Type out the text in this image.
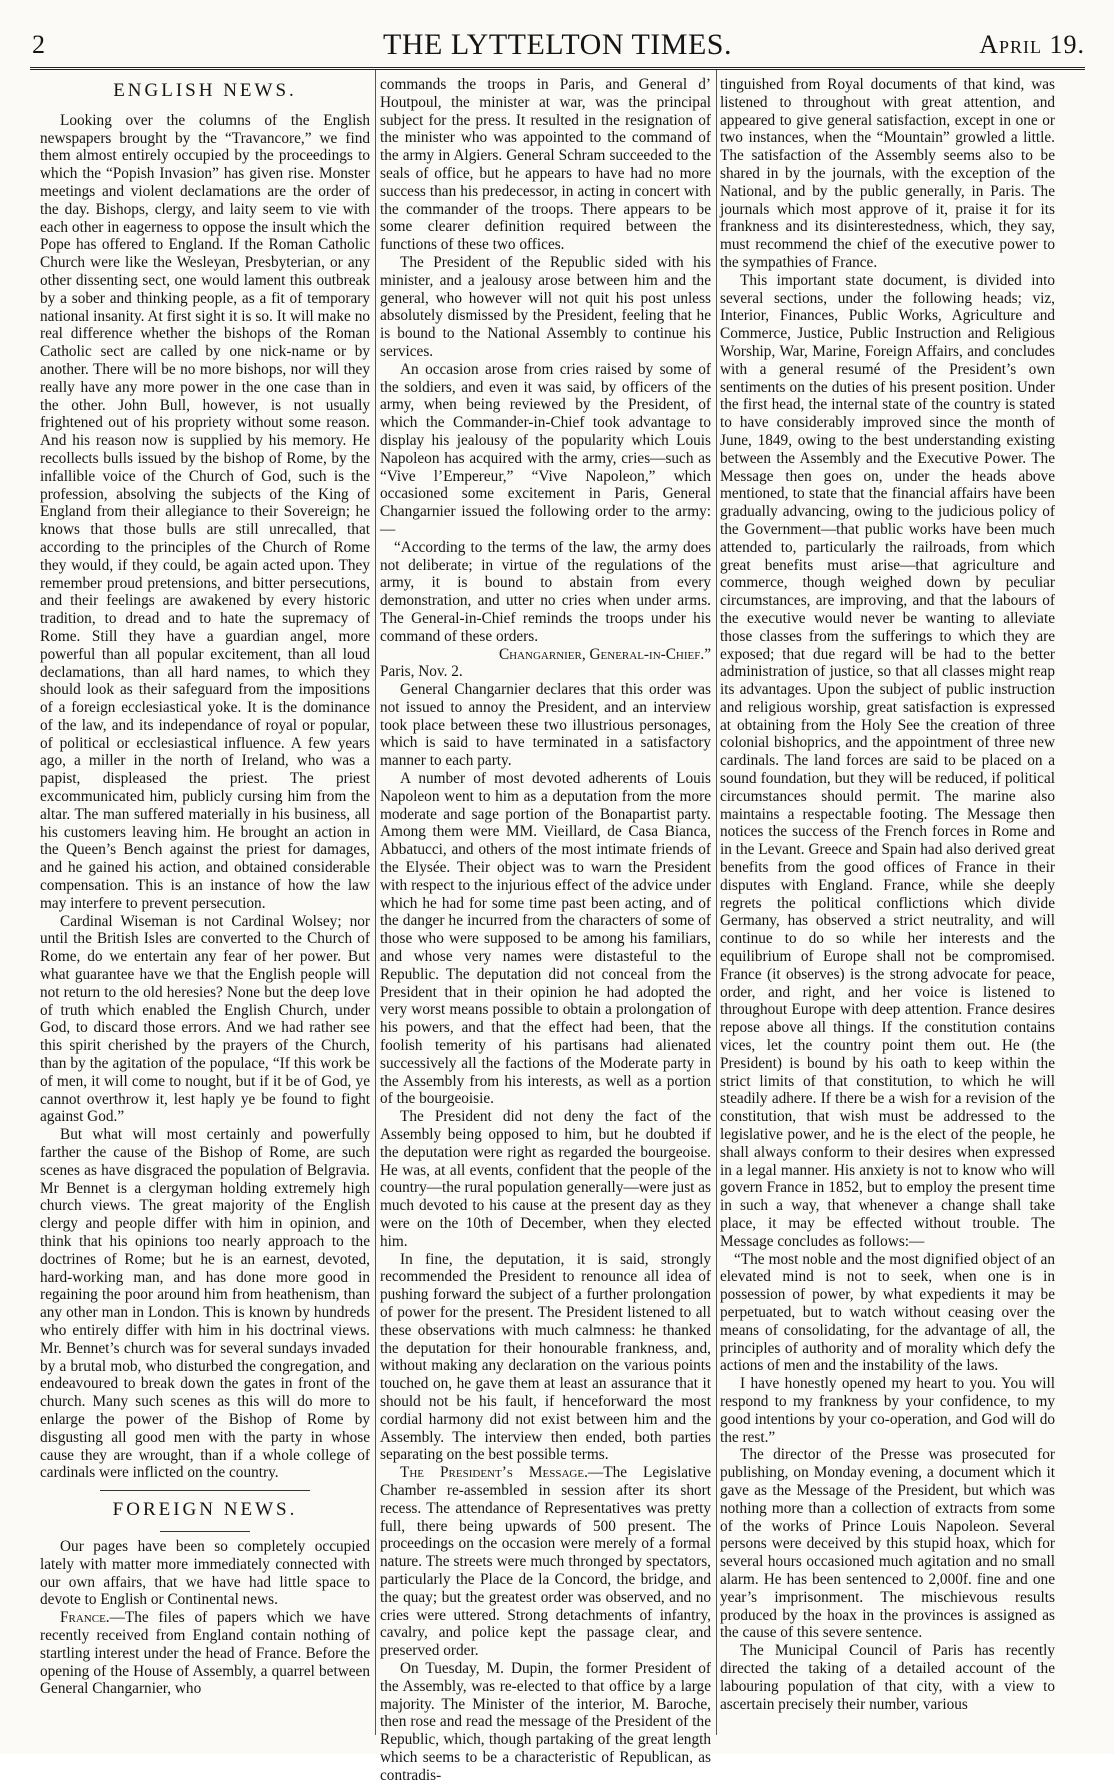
2	THE LYTTELTON TIMES.	April 19.
ENGLISH NEWS.

Looking over the columns of the English newspapers brought by the “Travancore,” we find them almost entirely occupied by the proceedings to which the “Popish Invasion” has given rise. Monster meetings and violent declamations are the order of the day. Bishops, clergy, and laity seem to vie with each other in eagerness to oppose the insult which the Pope has offered to England. If the Roman Catholic Church were like the Wesleyan, Presbyterian, or any other dissenting sect, one would lament this outbreak by a sober and thinking people, as a fit of temporary national insanity. At first sight it is so. It will make no real difference whether the bishops of the Roman Catholic sect are called by one nick-name or by another. There will be no more bishops, nor will they really have any more power in the one case than in the other. John Bull, however, is not usually frightened out of his propriety without some reason. And his reason now is supplied by his memory. He recollects bulls issued by the bishop of Rome, by the infallible voice of the Church of God, such is the profession, absolving the subjects of the King of England from their allegiance to their Sovereign; he knows that those bulls are still unrecalled, that according to the principles of the Church of Rome they would, if they could, be again acted upon. They remember proud pretensions, and bitter persecutions, and their feelings are awakened by every historic tradition, to dread and to hate the supremacy of Rome. Still they have a guardian angel, more powerful than all popular excitement, than all loud declamations, than all hard names, to which they should look as their safeguard from the impositions of a foreign ecclesiastical yoke. It is the dominance of the law, and its independance of royal or popular, of political or ecclesiastical influence. A few years ago, a miller in the north of Ireland, who was a papist, displeased the priest. The priest excommunicated him, publicly cursing him from the altar. The man suffered materially in his business, all his customers leaving him. He brought an action in the Queen’s Bench against the priest for damages, and he gained his action, and obtained considerable compensation. This is an instance of how the law may interfere to prevent persecution.

Cardinal Wiseman is not Cardinal Wolsey; nor until the British Isles are converted to the Church of Rome, do we entertain any fear of her power. But what guarantee have we that the English people will not return to the old heresies? None but the deep love of truth which enabled the English Church, under God, to discard those errors. And we had rather see this spirit cherished by the prayers of the Church, than by the agitation of the populace, “If this work be of men, it will come to nought, but if it be of God, ye cannot overthrow it, lest haply ye be found to fight against God.”

But what will most certainly and powerfully farther the cause of the Bishop of Rome, are such scenes as have disgraced the population of Belgravia. Mr Bennet is a clergyman holding extremely high church views. The great majority of the English clergy and people differ with him in opinion, and think that his opinions too nearly approach to the doctrines of Rome; but he is an earnest, devoted, hard-working man, and has done more good in regaining the poor around him from heathenism, than any other man in London. This is known by hundreds who entirely differ with him in his doctrinal views. Mr. Bennet’s church was for several sundays invaded by a brutal mob, who disturbed the congregation, and endeavoured to break down the gates in front of the church. Many such scenes as this will do more to enlarge the power of the Bishop of Rome by disgusting all good men with the party in whose cause they are wrought, than if a whole college of cardinals were inflicted on the country.

FOREIGN NEWS.

Our pages have been so completely occupied lately with matter more immediately connected with our own affairs, that we have had little space to devote to English or Continental news.

France.—The files of papers which we have recently received from England contain nothing of startling interest under the head of France. Before the opening of the House of Assembly, a quarrel between General Changarnier, who

commands the troops in Paris, and General d’ Houtpoul, the minister at war, was the principal subject for the press. It resulted in the resignation of the minister who was appointed to the command of the army in Algiers. General Schram succeeded to the seals of office, but he appears to have had no more success than his predecessor, in acting in concert with the commander of the troops. There appears to be some clearer definition required between the functions of these two offices.

The President of the Republic sided with his minister, and a jealousy arose between him and the general, who however will not quit his post unless absolutely dismissed by the President, feeling that he is bound to the National Assembly to continue his services.

An occasion arose from cries raised by some of the soldiers, and even it was said, by officers of the army, when being reviewed by the President, of which the Commander-in-Chief took advantage to display his jealousy of the popularity which Louis Napoleon has acquired with the army, cries—such as “Vive l’Empereur,” “Vive Napoleon,” which occasioned some excitement in Paris, General Changarnier issued the following order to the army:—

“According to the terms of the law, the army does not deliberate; in virtue of the regulations of the army, it is bound to abstain from every demonstration, and utter no cries when under arms. The General-in-Chief reminds the troops under his command of these orders.

Changarnier, General-in-Chief.”

Paris, Nov. 2.

General Changarnier declares that this order was not issued to annoy the President, and an interview took place between these two illustrious personages, which is said to have terminated in a satisfactory manner to each party.

A number of most devoted adherents of Louis Napoleon went to him as a deputation from the more moderate and sage portion of the Bonapartist party. Among them were MM. Vieillard, de Casa Bianca, Abbatucci, and others of the most intimate friends of the Elysée. Their object was to warn the President with respect to the injurious effect of the advice under which he had for some time past been acting, and of the danger he incurred from the characters of some of those who were supposed to be among his familiars, and whose very names were distasteful to the Republic. The deputation did not conceal from the President that in their opinion he had adopted the very worst means possible to obtain a prolongation of his powers, and that the effect had been, that the foolish temerity of his partisans had alienated successively all the factions of the Moderate party in the Assembly from his interests, as well as a portion of the bourgeoisie.

The President did not deny the fact of the Assembly being opposed to him, but he doubted if the deputation were right as regarded the bourgeoise. He was, at all events, confident that the people of the country—the rural population generally—were just as much devoted to his cause at the present day as they were on the 10th of December, when they elected him.

In fine, the deputation, it is said, strongly recommended the President to renounce all idea of pushing forward the subject of a further prolongation of power for the present. The President listened to all these observations with much calmness: he thanked the deputation for their honourable frankness, and, without making any declaration on the various points touched on, he gave them at least an assurance that it should not be his fault, if henceforward the most cordial harmony did not exist between him and the Assembly. The interview then ended, both parties separating on the best possible terms.

The President’s Message.—The Legislative Chamber re-assembled in session after its short recess. The attendance of Representatives was pretty full, there being upwards of 500 present. The proceedings on the occasion were merely of a formal nature. The streets were much thronged by spectators, particularly the Place de la Concord, the bridge, and the quay; but the greatest order was observed, and no cries were uttered. Strong detachments of infantry, cavalry, and police kept the passage clear, and preserved order.

On Tuesday, M. Dupin, the former President of the Assembly, was re-elected to that office by a large majority. The Minister of the interior, M. Baroche, then rose and read the message of the President of the Republic, which, though partaking of the great length which seems to be a characteristic of Republican, as contradis-

tinguished from Royal documents of that kind, was listened to throughout with great attention, and appeared to give general satisfaction, except in one or two instances, when the “Mountain” growled a little. The satisfaction of the Assembly seems also to be shared in by the journals, with the exception of the National, and by the public generally, in Paris. The journals which most approve of it, praise it for its frankness and its disinterestedness, which, they say, must recommend the chief of the executive power to the sympathies of France.

This important state document, is divided into several sections, under the following heads; viz, Interior, Finances, Public Works, Agriculture and Commerce, Justice, Public Instruction and Religious Worship, War, Marine, Foreign Affairs, and concludes with a general resumé of the President’s own sentiments on the duties of his present position. Under the first head, the internal state of the country is stated to have considerably improved since the month of June, 1849, owing to the best understanding existing between the Assembly and the Executive Power. The Message then goes on, under the heads above mentioned, to state that the financial affairs have been gradually advancing, owing to the judicious policy of the Government—that public works have been much attended to, particularly the railroads, from which great benefits must arise—that agriculture and commerce, though weighed down by peculiar circumstances, are improving, and that the labours of the executive would never be wanting to alleviate those classes from the sufferings to which they are exposed; that due regard will be had to the better administration of justice, so that all classes might reap its advantages. Upon the subject of public instruction and religious worship, great satisfaction is expressed at obtaining from the Holy See the creation of three colonial bishoprics, and the appointment of three new cardinals. The land forces are said to be placed on a sound foundation, but they will be reduced, if political circumstances should permit. The marine also maintains a respectable footing. The Message then notices the success of the French forces in Rome and in the Levant. Greece and Spain had also derived great benefits from the good offices of France in their disputes with England. France, while she deeply regrets the political conflictions which divide Germany, has observed a strict neutrality, and will continue to do so while her interests and the equilibrium of Europe shall not be compromised. France (it observes) is the strong advocate for peace, order, and right, and her voice is listened to throughout Europe with deep attention. France desires repose above all things. If the constitution contains vices, let the country point them out. He (the President) is bound by his oath to keep within the strict limits of that constitution, to which he will steadily adhere. If there be a wish for a revision of the constitution, that wish must be addressed to the legislative power, and he is the elect of the people, he shall always conform to their desires when expressed in a legal manner. His anxiety is not to know who will govern France in 1852, but to employ the present time in such a way, that whenever a change shall take place, it may be effected without trouble. The Message concludes as follows:—

“The most noble and the most dignified object of an elevated mind is not to seek, when one is in possession of power, by what expedients it may be perpetuated, but to watch without ceasing over the means of consolidating, for the advantage of all, the principles of authority and of morality which defy the actions of men and the instability of the laws.

I have honestly opened my heart to you. You will respond to my frankness by your confidence, to my good intentions by your co-operation, and God will do the rest.”

The director of the Presse was prosecuted for publishing, on Monday evening, a document which it gave as the Message of the President, but which was nothing more than a collection of extracts from some of the works of Prince Louis Napoleon. Several persons were deceived by this stupid hoax, which for several hours occasioned much agitation and no small alarm. He has been sentenced to 2,000f. fine and one year’s imprisonment. The mischievous results produced by the hoax in the provinces is assigned as the cause of this severe sentence.

The Municipal Council of Paris has recently directed the taking of a detailed account of the labouring population of that city, with a view to ascertain precisely their number, various
